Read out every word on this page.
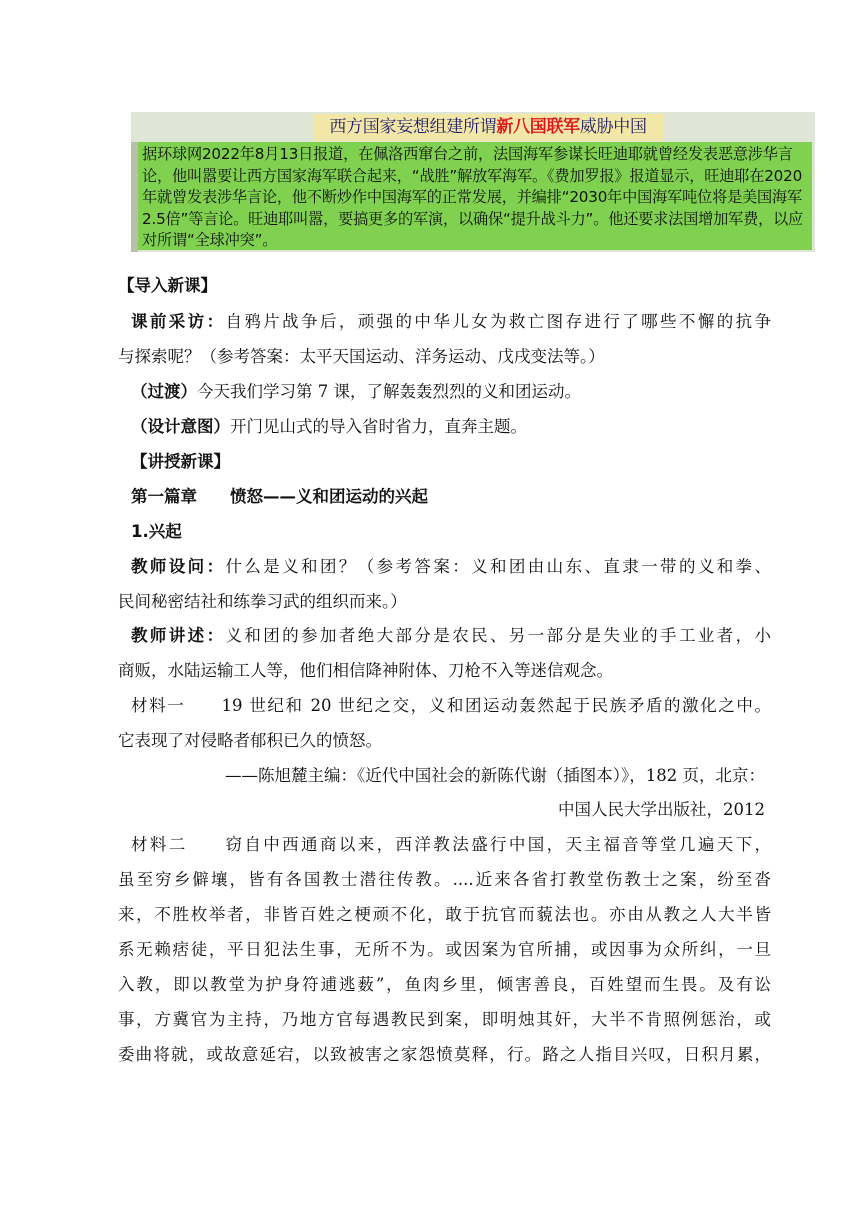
西方国家妄想组建所谓新八国联军威胁中国
据环球网2022年8月13日报道，在佩洛西窜台之前，法国海军参谋长旺迪耶就曾经发表恶意涉华言论，他叫嚣要让西方国家海军联合起来，“战胜”解放军海军。《费加罗报》报道显示，旺迪耶在2020年就曾发表涉华言论，他不断炒作中国海军的正常发展，并编排“2030年中国海军吨位将是美国海军2.5倍”等言论。旺迪耶叫嚣，要搞更多的军演，以确保“提升战斗力”。他还要求法国增加军费，以应对所谓“全球冲突”。
【导入新课】
课前采访：自鸦片战争后，顽强的中华儿女为救亡图存进行了哪些不懈的抗争
与探索呢？（参考答案：太平天国运动、洋务运动、戊戌变法等。）
（过渡）今天我们学习第 7 课，了解轰轰烈烈的义和团运动。
（设计意图）开门见山式的导入省时省力，直奔主题。
【讲授新课】
第一篇章　　愤怒——义和团运动的兴起
1.兴起
教师设问：什么是义和团？（参考答案：义和团由山东、直隶一带的义和拳、
民间秘密结社和练拳习武的组织而来。）
教师讲述：义和团的参加者绝大部分是农民、另一部分是失业的手工业者，小
商贩，水陆运输工人等，他们相信降神附体、刀枪不入等迷信观念。
材料一　　19 世纪和 20 世纪之交，义和团运动轰然起于民族矛盾的激化之中。
它表现了对侵略者郁积已久的愤怒。
——陈旭麓主编：《近代中国社会的新陈代谢（插图本）》，182 页，北京：
中国人民大学出版社，2012
材料二　　窃自中西通商以来，西洋教法盛行中国，天主福音等堂几遍天下，
虽至穷乡僻壤，皆有各国教士潜往传教。....近来各省打教堂伤教士之案，纷至沓
来，不胜枚举者，非皆百姓之梗顽不化，敢于抗官而藐法也。亦由从教之人大半皆
系无赖痞徒，平日犯法生事，无所不为。或因案为官所捕，或因事为众所纠，一旦
入教，即以教堂为护身符逋逃薮”，鱼肉乡里，倾害善良，百姓望而生畏。及有讼
事，方冀官为主持，乃地方官每遇教民到案，即明烛其奸，大半不肯照例惩治，或
委曲将就，或故意延宕，以致被害之家怨愤莫释，行。路之人指目兴叹，日积月累，
